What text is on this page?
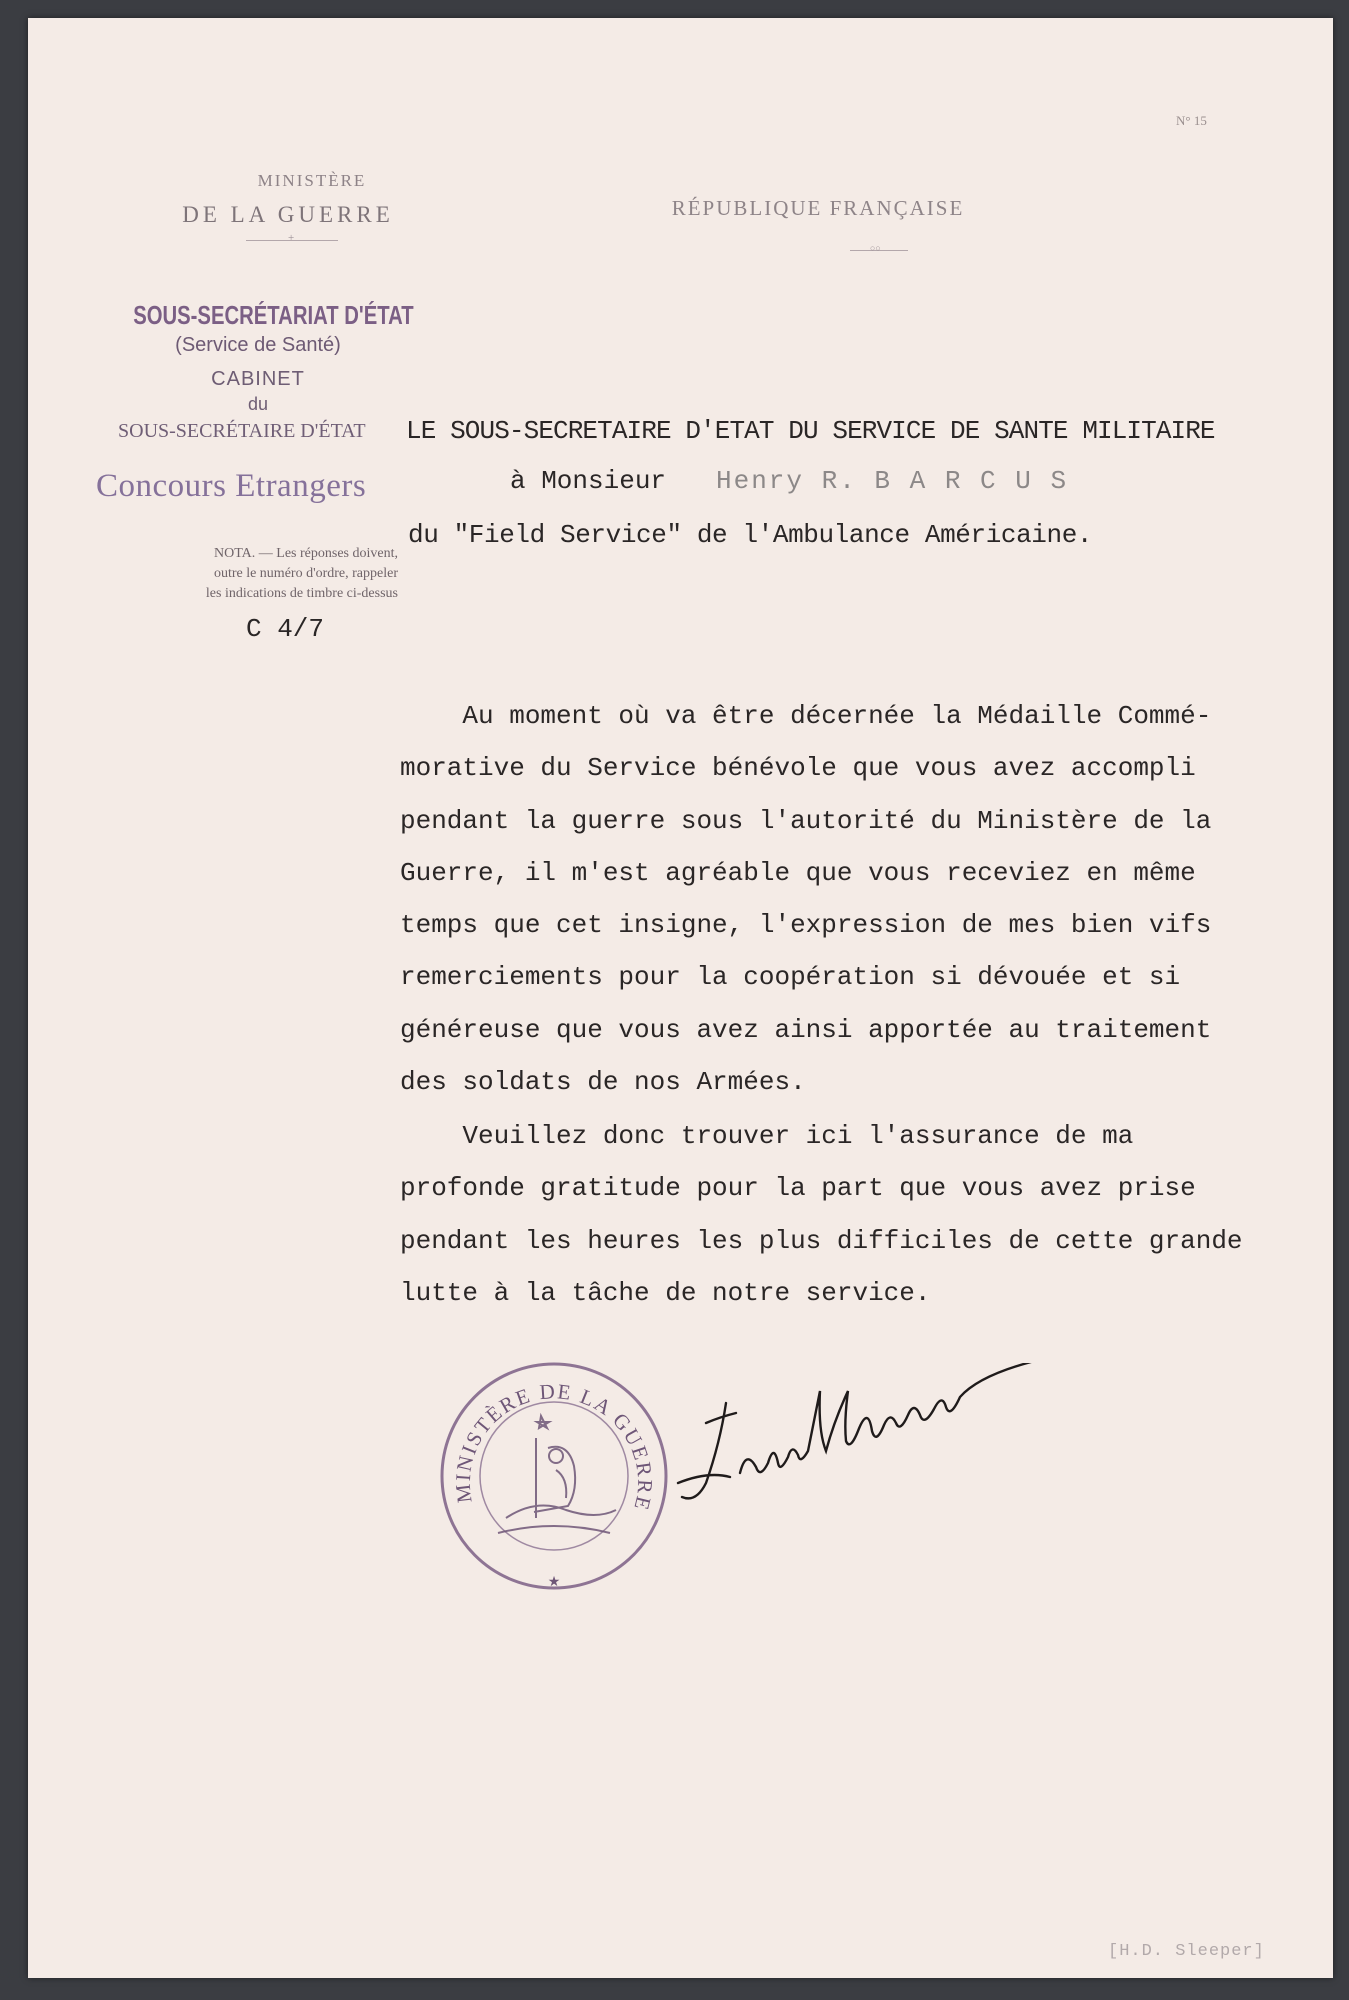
N° 15
MINISTÈRE
DE LA GUERRE
+
RÉPUBLIQUE FRANÇAISE
○○
SOUS-SECRÉTARIAT D'ÉTAT
(Service de Santé)
CABINET
du
SOUS-SECRÉTAIRE D'ÉTAT	LE SOUS-SECRETAIRE D'ETAT DU SERVICE DE SANTE MILITAIRE
Concours Etrangers	à Monsieur Henry R. B A R C U S
du "Field Service" de l'Ambulance Américaine.
NOTA. — Les réponses doivent,
outre le numéro d'ordre, rappeler
les indications de timbre ci-dessus
C 4/7
Au moment où va être décernée la Médaille Commé-
morative du Service bénévole que vous avez accompli
pendant la guerre sous l'autorité du Ministère de la
Guerre, il m'est agréable que vous receviez en même
temps que cet insigne, l'expression de mes bien vifs
remerciements pour la coopération si dévouée et si
généreuse que vous avez ainsi apportée au traitement
des soldats de nos Armées.
Veuillez donc trouver ici l'assurance de ma
profonde gratitude pour la part que vous avez prise
pendant les heures les plus difficiles de cette grande
lutte à la tâche de notre service.
MINISTÈRE DE LA GUERRE
★
[H.D. Sleeper]
